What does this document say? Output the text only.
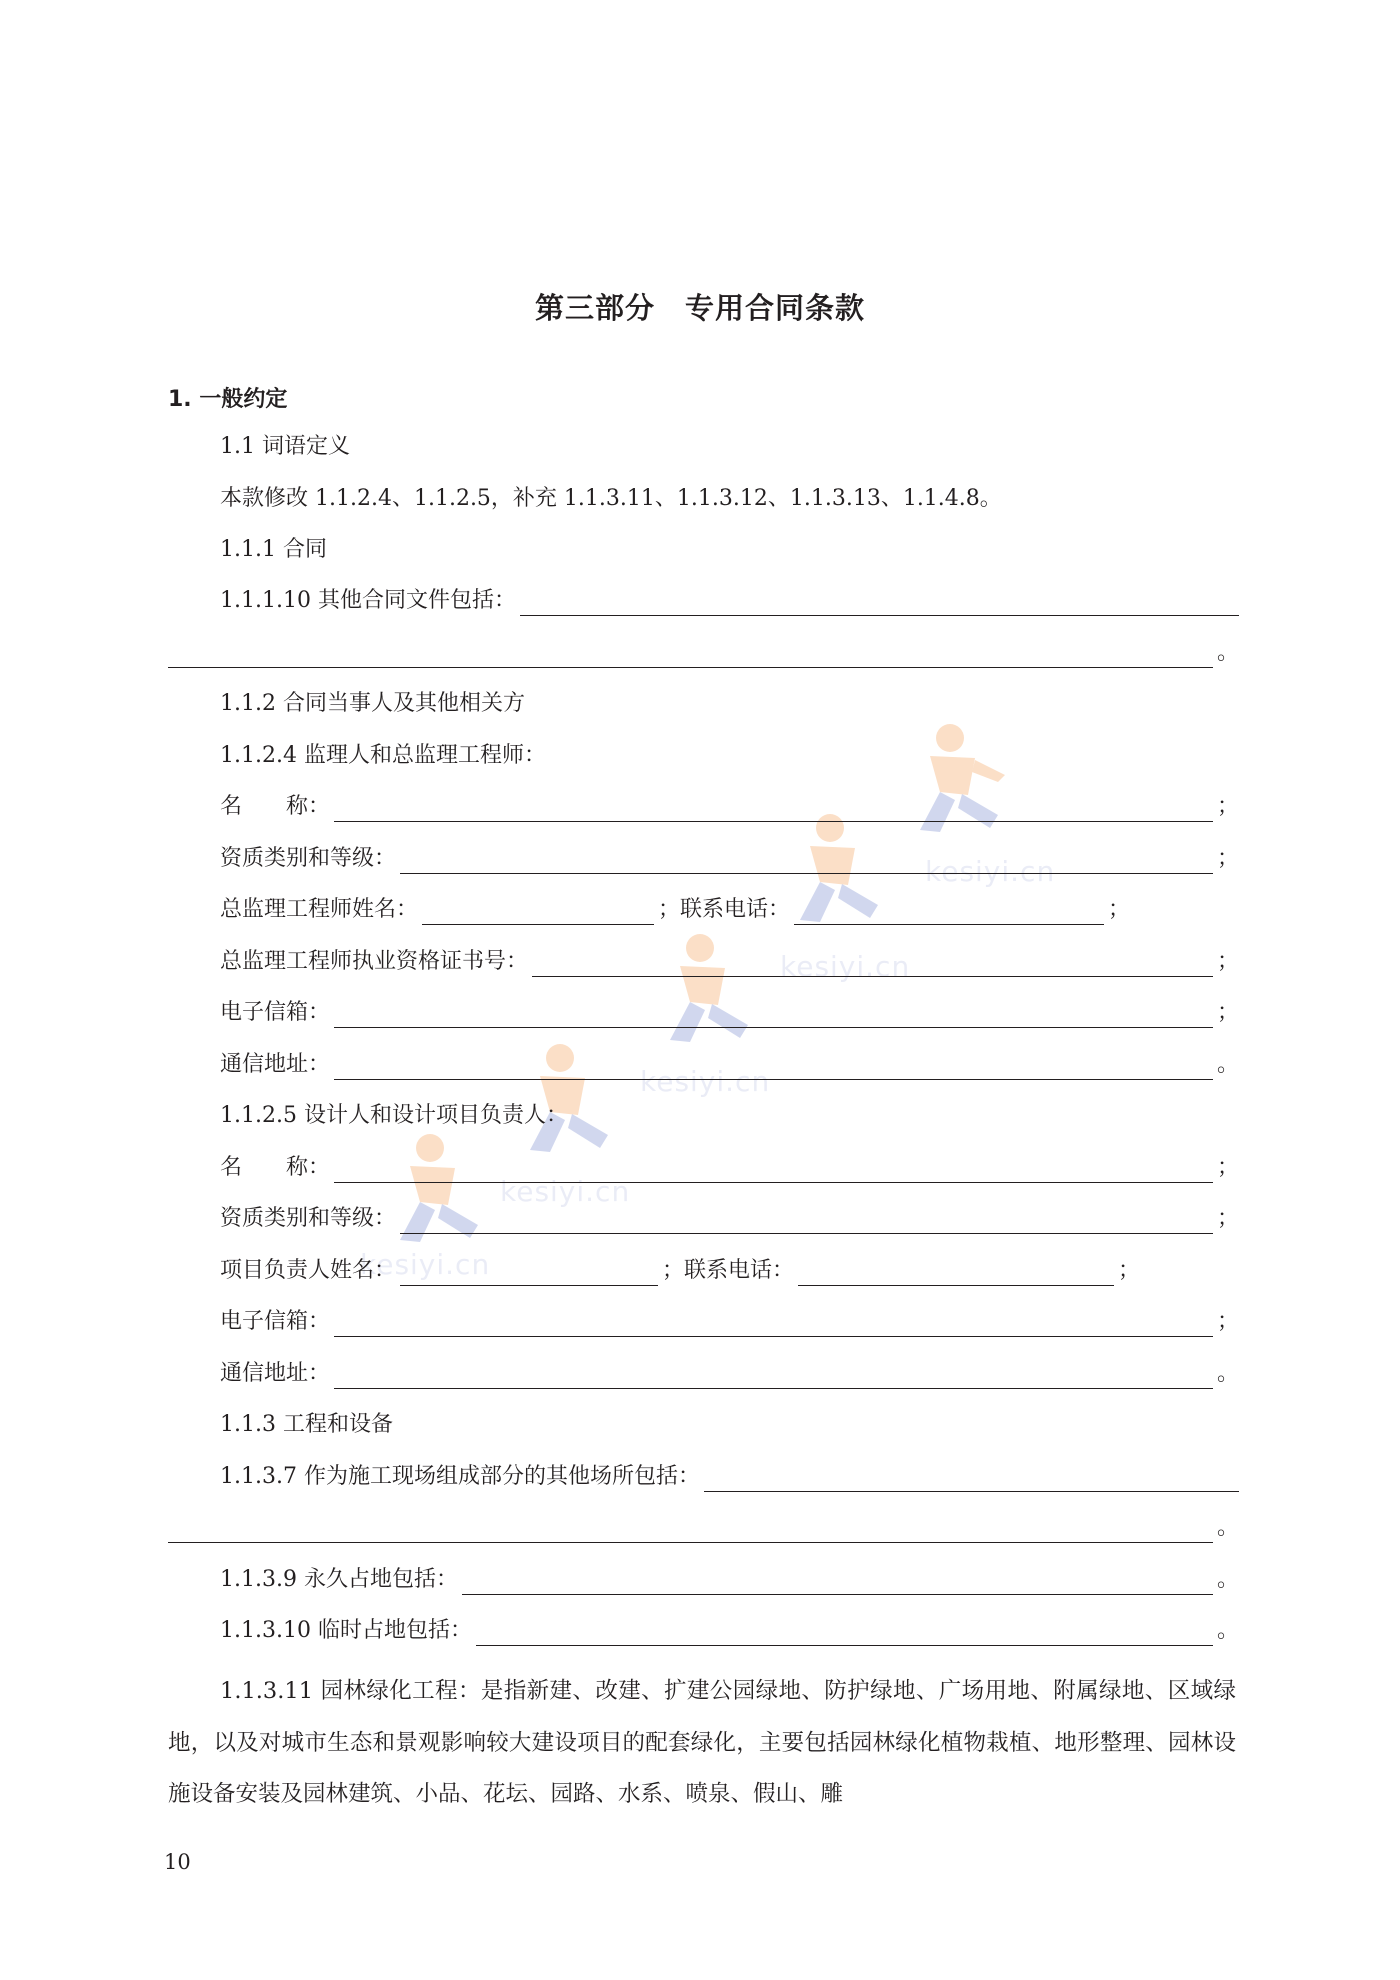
kesiyi.cn
kesiyi.cn
kesiyi.cn
kesiyi.cn
kesiyi.cn
第三部分　专用合同条款
1. 一般约定
1.1 词语定义
本款修改 1.1.2.4、1.1.2.5，补充 1.1.3.11、1.1.3.12、1.1.3.13、1.1.4.8。
1.1.1 合同
1.1.1.10 其他合同文件包括：
。
1.1.2 合同当事人及其他相关方
1.1.2.4 监理人和总监理工程师：
名　　称：	；
资质类别和等级：	；
总监理工程师姓名：	；联系电话：	；
总监理工程师执业资格证书号：	；
电子信箱：	；
通信地址：	。
1.1.2.5 设计人和设计项目负责人：
名　　称：	；
资质类别和等级：	；
项目负责人姓名：	；联系电话：	；
电子信箱：	；
通信地址：	。
1.1.3 工程和设备
1.1.3.7 作为施工现场组成部分的其他场所包括：
。
1.1.3.9 永久占地包括：	。
1.1.3.10 临时占地包括：	。
1.1.3.11 园林绿化工程：是指新建、改建、扩建公园绿地、防护绿地、广场用地、附属绿地、区域绿地，以及对城市生态和景观影响较大建设项目的配套绿化，主要包括园林绿化植物栽植、地形整理、园林设施设备安装及园林建筑、小品、花坛、园路、水系、喷泉、假山、雕
10
